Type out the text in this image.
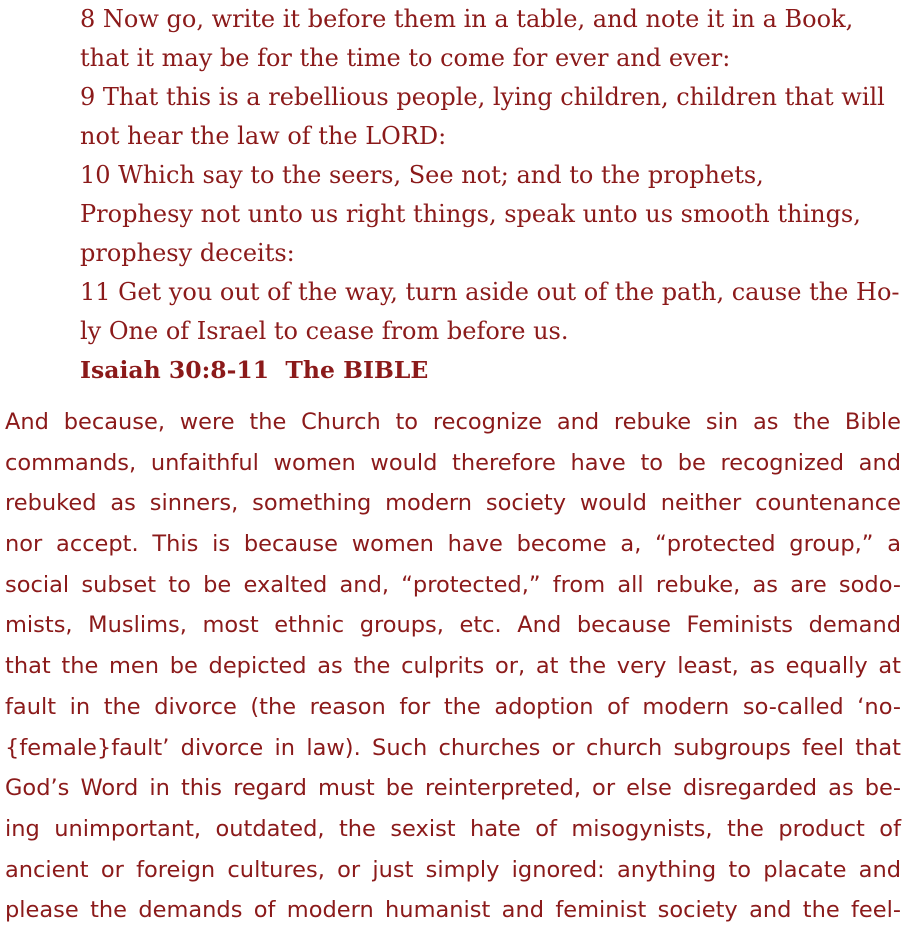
8 Now go, write it before them in a table, and note it in a Book,
that it may be for the time to come for ever and ever:
9 That this is a rebellious people, lying children, children that will
not hear the law of the LORD:
10 Which say to the seers, See not; and to the prophets,
Prophesy not unto us right things, speak unto us smooth things,
prophesy deceits:
11 Get you out of the way, turn aside out of the path, cause the Ho-
ly One of Israel to cease from before us.
Isaiah 30:8-11  The BIBLE
And because, were the Church to recognize and rebuke sin as the Bible
commands, unfaithful women would therefore have to be recognized and
rebuked as sinners, something modern society would neither countenance
nor accept. This is because women have become a, “protected group,” a
social subset to be exalted and, “protected,” from all rebuke, as are sodo-
mists, Muslims, most ethnic groups, etc. And because Feminists demand
that the men be depicted as the culprits or, at the very least, as equally at
fault in the divorce (the reason for the adoption of modern so-called ‘no-
{female}fault’ divorce in law). Such churches or church subgroups feel that
God’s Word in this regard must be reinterpreted, or else disregarded as be-
ing unimportant, outdated, the sexist hate of misogynists, the product of
ancient or foreign cultures, or just simply ignored: anything to placate and
please the demands of modern humanist and feminist society and the feel-
